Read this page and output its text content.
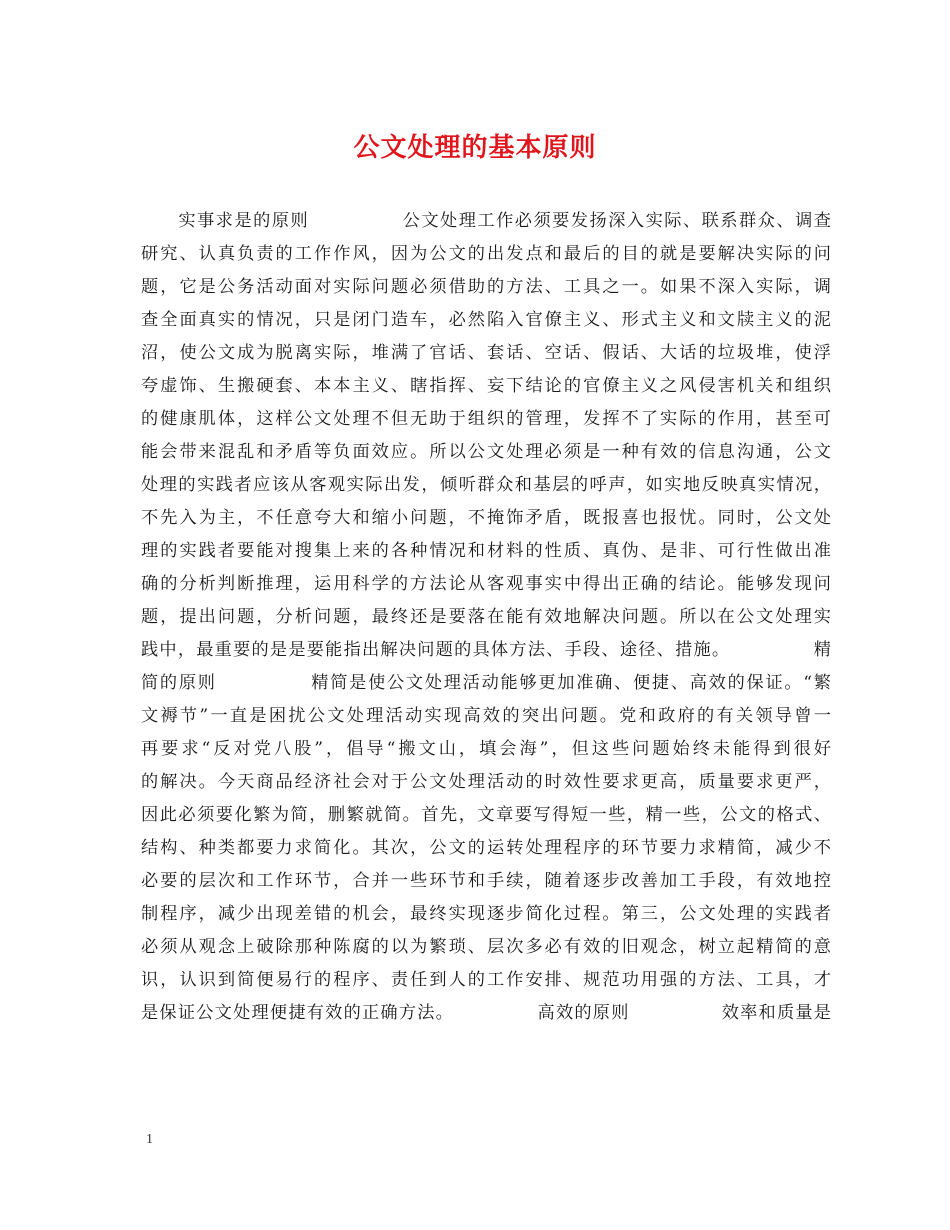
公文处理的基本原则
　　实事求是的原则　　　　　公文处理工作必须要发扬深入实际、联系群众、调查
研究、认真负责的工作作风，因为公文的出发点和最后的目的就是要解决实际的问
题，它是公务活动面对实际问题必须借助的方法、工具之一。如果不深入实际，调
查全面真实的情况，只是闭门造车，必然陷入官僚主义、形式主义和文牍主义的泥
沼，使公文成为脱离实际，堆满了官话、套话、空话、假话、大话的垃圾堆，使浮
夸虚饰、生搬硬套、本本主义、瞎指挥、妄下结论的官僚主义之风侵害机关和组织
的健康肌体，这样公文处理不但无助于组织的管理，发挥不了实际的作用，甚至可
能会带来混乱和矛盾等负面效应。所以公文处理必须是一种有效的信息沟通，公文
处理的实践者应该从客观实际出发，倾听群众和基层的呼声，如实地反映真实情况，
不先入为主，不任意夸大和缩小问题，不掩饰矛盾，既报喜也报忧。同时，公文处
理的实践者要能对搜集上来的各种情况和材料的性质、真伪、是非、可行性做出准
确的分析判断推理，运用科学的方法论从客观事实中得出正确的结论。能够发现问
题，提出问题，分析问题，最终还是要落在能有效地解决问题。所以在公文处理实
践中，最重要的是是要能指出解决问题的具体方法、手段、途径、措施。　　　　　精
简的原则　　　　　精简是使公文处理活动能够更加准确、便捷、高效的保证。“繁
文褥节”一直是困扰公文处理活动实现高效的突出问题。党和政府的有关领导曾一
再要求“反对党八股”，倡导“搬文山，填会海”，但这些问题始终未能得到很好
的解决。今天商品经济社会对于公文处理活动的时效性要求更高，质量要求更严，
因此必须要化繁为简，删繁就简。首先，文章要写得短一些，精一些，公文的格式、
结构、种类都要力求简化。其次，公文的运转处理程序的环节要力求精简，减少不
必要的层次和工作环节，合并一些环节和手续，随着逐步改善加工手段，有效地控
制程序，减少出现差错的机会，最终实现逐步简化过程。第三，公文处理的实践者
必须从观念上破除那种陈腐的以为繁琐、层次多必有效的旧观念，树立起精简的意
识，认识到简便易行的程序、责任到人的工作安排、规范功用强的方法、工具，才
是保证公文处理便捷有效的正确方法。　　　　　高效的原则　　　　　效率和质量是
1
